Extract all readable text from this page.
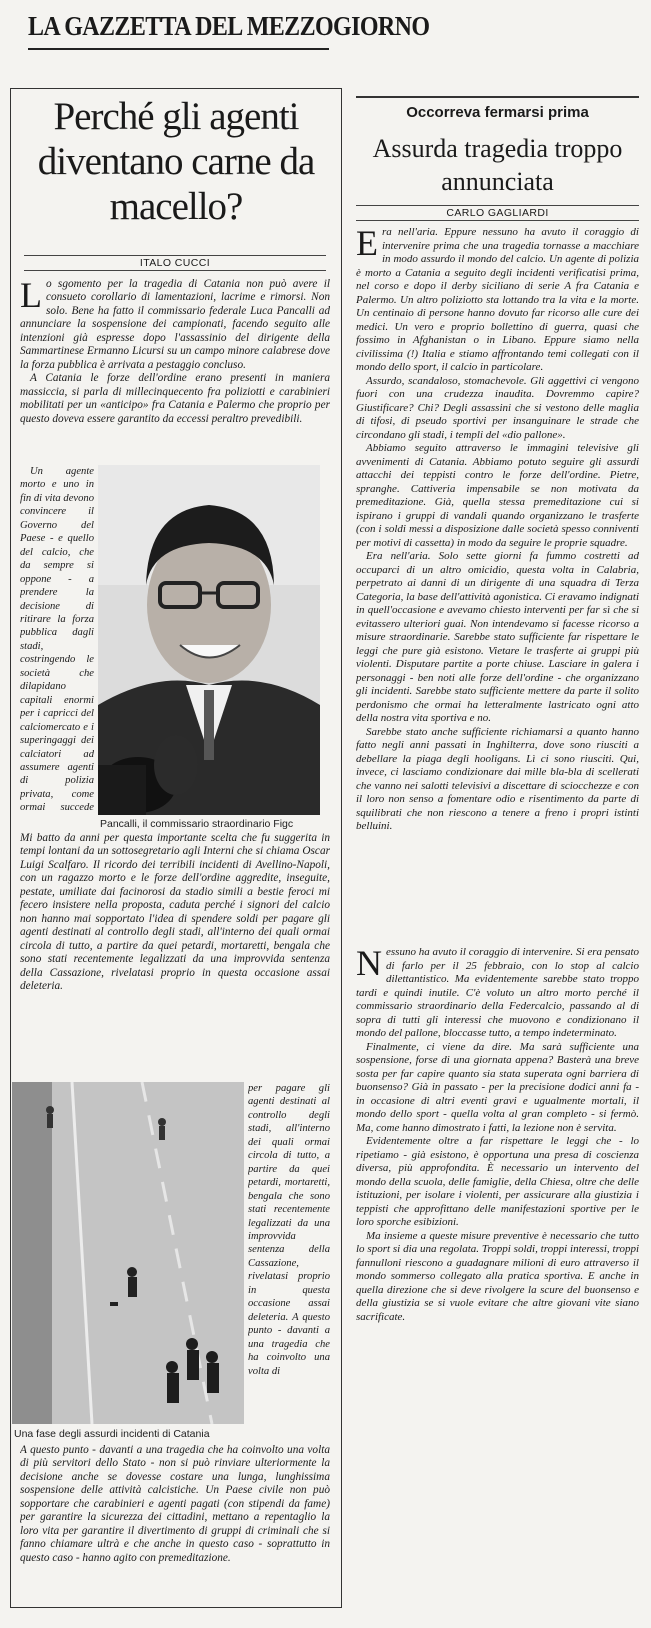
LA GAZZETTA DEL MEZZOGIORNO
Perché gli agenti diventano carne da macello?
ITALO CUCCI

Lo sgomento per la tragedia di Catania non può avere il consueto corollario di lamentazioni, lacrime e rimorsi. Non solo. Bene ha fatto il commissario federale Luca Pancalli ad annunciare la sospensione dei campionati, facendo seguito alle intenzioni già espresse dopo l'assassinio del dirigente della Sammartinese Ermanno Licursi su un campo minore calabrese dove la forza pubblica è arrivata a pestaggio concluso.

A Catania le forze dell'ordine erano presenti in maniera massiccia, si parla di millecinquecento fra poliziotti e carabinieri mobilitati per un «anticipo» fra Catania e Palermo che proprio per questo doveva essere garantito da eccessi peraltro prevedibili.

Un agente morto e uno in fin di vita devono convincere il Governo del Paese - e quello del calcio, che da sempre si oppone - a prendere la decisione di ritirare la forza pubblica dagli stadi, costringendo le società che dilapidano capitali enormi per i capricci del calciomercato e i superingaggi dei calciatori ad assumere agenti di polizia privata, come ormai succede

Pancalli, il commissario straordinario Figc

Mi batto da anni per questa importante scelta che fu suggerita in tempi lontani da un sottosegretario agli Interni che si chiama Oscar Luigi Scalfaro. Il ricordo dei terribili incidenti di Avellino-Napoli, con un ragazzo morto e le forze dell'ordine aggredite, inseguite, pestate, umiliate dai facinorosi da stadio simili a bestie feroci mi fecero insistere nella proposta, caduta perché i signori del calcio non hanno mai sopportato l'idea di spendere soldi per pagare gli agenti destinati al controllo degli stadi, all'interno dei quali ormai circola di tutto, a partire da quei petardi, mortaretti, bengala che sono stati recentemente legalizzati da una improvvida sentenza della Cassazione, rivelatasi proprio in questa occasione assai deleteria.

Una fase degli assurdi incidenti di Catania

per pagare gli agenti destinati al controllo degli stadi, all'interno dei quali ormai circola di tutto, a partire da quei petardi, mortaretti, bengala che sono stati recentemente legalizzati da una improvvida sentenza della Cassazione, rivelatasi proprio in questa occasione assai deleteria. A questo punto - davanti a una tragedia che ha coinvolto una volta di

A questo punto - davanti a una tragedia che ha coinvolto una volta di più servitori dello Stato - non si può rinviare ulteriormente la decisione anche se dovesse costare una lunga, lunghissima sospensione delle attività calcistiche. Un Paese civile non può sopportare che carabinieri e agenti pagati (con stipendi da fame) per garantire la sicurezza dei cittadini, mettano a repentaglio la loro vita per garantire il divertimento di gruppi di criminali che si fanno chiamare ultrà e che anche in questo caso - soprattutto in questo caso - hanno agito con premeditazione.

Occorreva fermarsi prima
Assurda tragedia troppo annunciata
CARLO GAGLIARDI

Era nell'aria. Eppure nessuno ha avuto il coraggio di intervenire prima che una tragedia tornasse a macchiare in modo assurdo il mondo del calcio. Un agente di polizia è morto a Catania a seguito degli incidenti verificatisi prima, nel corso e dopo il derby siciliano di serie A fra Catania e Palermo. Un altro poliziotto sta lottando tra la vita e la morte. Un centinaio di persone hanno dovuto far ricorso alle cure dei medici. Un vero e proprio bollettino di guerra, quasi che fossimo in Afghanistan o in Libano. Eppure siamo nella civilissima (!) Italia e stiamo affrontando temi collegati con il mondo dello sport, il calcio in particolare.

Assurdo, scandaloso, stomachevole. Gli aggettivi ci vengono fuori con una crudezza inaudita. Dovremmo capire? Giustificare? Chi? Degli assassini che si vestono delle maglia di tifosi, di pseudo sportivi per insanguinare le strade che circondano gli stadi, i templi del «dio pallone».

Abbiamo seguito attraverso le immagini televisive gli avvenimenti di Catania. Abbiamo potuto seguire gli assurdi attacchi dei teppisti contro le forze dell'ordine. Pietre, spranghe. Cattiveria impensabile se non motivata da premeditazione. Già, quella stessa premeditazione cui si ispirano i gruppi di vandali quando organizzano le trasferte (con i soldi messi a disposizione dalle società spesso conniventi per motivi di cassetta) in modo da seguire le proprie squadre.

Era nell'aria. Solo sette giorni fa fummo costretti ad occuparci di un altro omicidio, questa volta in Calabria, perpetrato ai danni di un dirigente di una squadra di Terza Categoria, la base dell'attività agonistica. Ci eravamo indignati in quell'occasione e avevamo chiesto interventi per far sì che si evitassero ulteriori guai. Non intendevamo si facesse ricorso a misure straordinarie. Sarebbe stato sufficiente far rispettare le leggi che pure già esistono. Vietare le trasferte ai gruppi più violenti. Disputare partite a porte chiuse. Lasciare in galera i personaggi - ben noti alle forze dell'ordine - che organizzano gli incidenti. Sarebbe stato sufficiente mettere da parte il solito perdonismo che ormai ha letteralmente lastricato ogni atto della nostra vita sportiva e no.

Sarebbe stato anche sufficiente richiamarsi a quanto hanno fatto negli anni passati in Inghilterra, dove sono riusciti a debellare la piaga degli hooligans. Lì ci sono riusciti. Qui, invece, ci lasciamo condizionare dai mille bla-bla di scellerati che vanno nei salotti televisivi a discettare di sciocchezze e con il loro non senso a fomentare odio e risentimento da parte di squilibrati che non riescono a tenere a freno i propri istinti belluini.

Nessuno ha avuto il coraggio di intervenire. Si era pensato di farlo per il 25 febbraio, con lo stop al calcio dilettantistico. Ma evidentemente sarebbe stato troppo tardi e quindi inutile. C'è voluto un altro morto perché il commissario straordinario della Federcalcio, passando al di sopra di tutti gli interessi che muovono e condizionano il mondo del pallone, bloccasse tutto, a tempo indeterminato.

Finalmente, ci viene da dire. Ma sarà sufficiente una sospensione, forse di una giornata appena? Basterà una breve sosta per far capire quanto sia stata superata ogni barriera di buonsenso? Già in passato - per la precisione dodici anni fa - in occasione di altri eventi gravi e ugualmente mortali, il mondo dello sport - quella volta al gran completo - si fermò. Ma, come hanno dimostrato i fatti, la lezione non è servita.

Evidentemente oltre a far rispettare le leggi che - lo ripetiamo - già esistono, è opportuna una presa di coscienza diversa, più approfondita. È necessario un intervento del mondo della scuola, delle famiglie, della Chiesa, oltre che delle istituzioni, per isolare i violenti, per assicurare alla giustizia i teppisti che approfittano delle manifestazioni sportive per le loro sporche esibizioni.

Ma insieme a queste misure preventive è necessario che tutto lo sport si dia una regolata. Troppi soldi, troppi interessi, troppi fannulloni riescono a guadagnare milioni di euro attraverso il mondo sommerso collegato alla pratica sportiva. E anche in quella direzione che si deve rivolgere la scure del buonsenso e della giustizia se si vuole evitare che altre giovani vite siano sacrificate.
